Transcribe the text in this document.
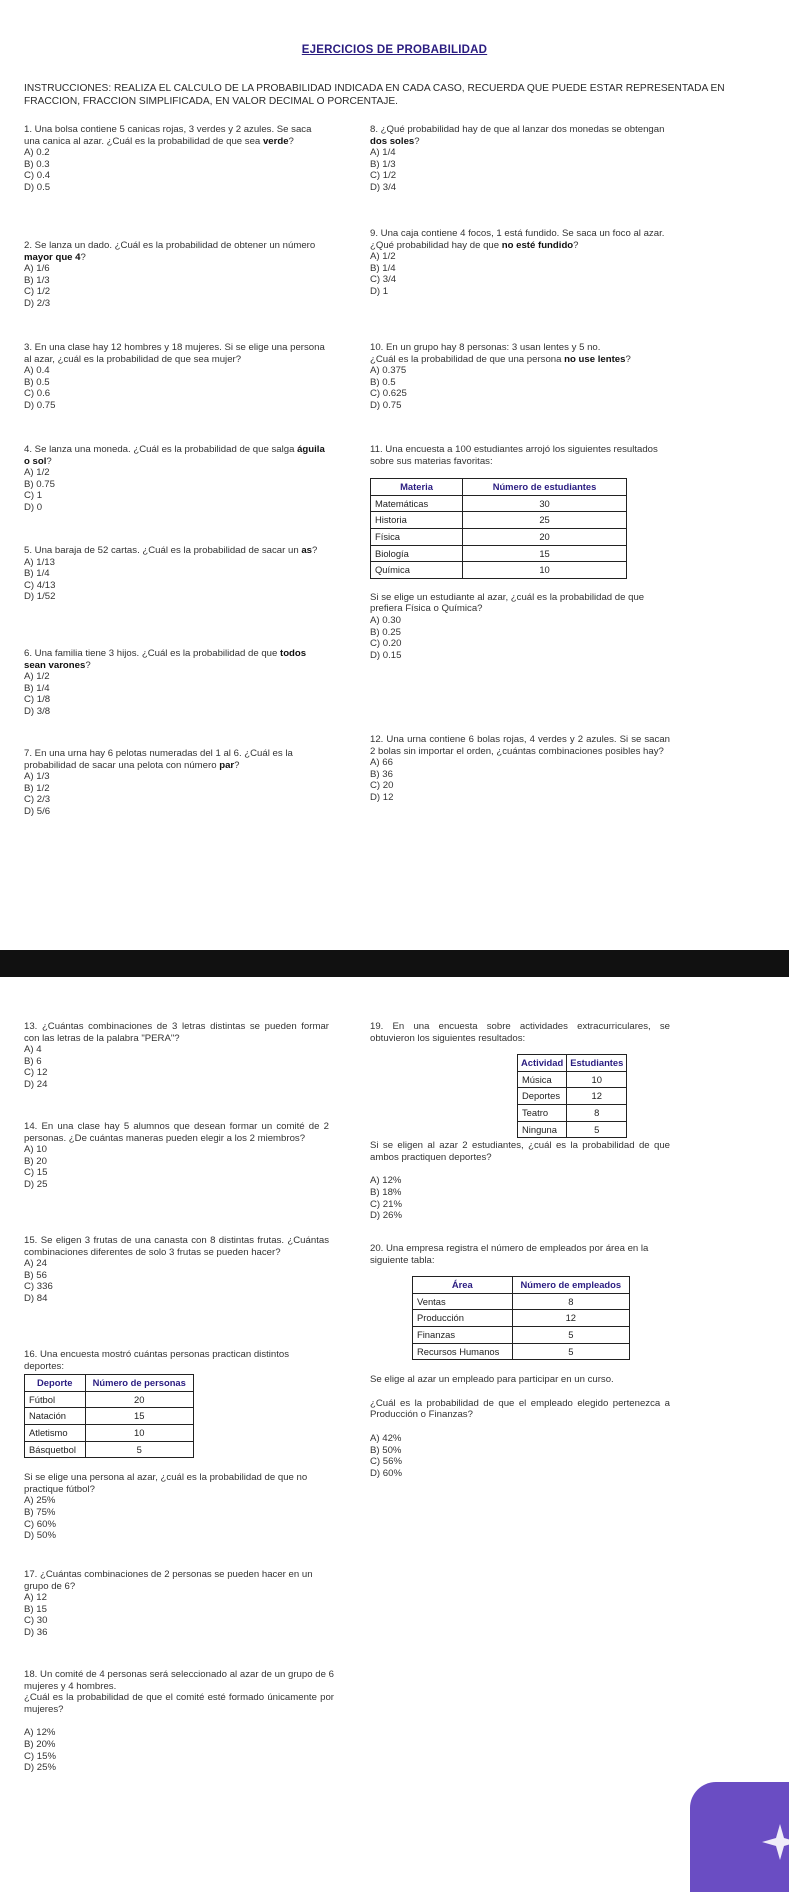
EJERCICIOS DE PROBABILIDAD
INSTRUCCIONES: REALIZA EL CALCULO DE LA PROBABILIDAD INDICADA EN CADA CASO, RECUERDA QUE PUEDE ESTAR REPRESENTADA EN FRACCION, FRACCION SIMPLIFICADA, EN VALOR DECIMAL O PORCENTAJE.

1. Una bolsa contiene 5 canicas rojas, 3 verdes y 2 azules. Se saca una canica al azar. ¿Cuál es la probabilidad de que sea verde?

A) 0.2

B) 0.3

C) 0.4

D) 0.5

2. Se lanza un dado. ¿Cuál es la probabilidad de obtener un número mayor que 4?

A) 1/6

B) 1/3

C) 1/2

D) 2/3

3. En una clase hay 12 hombres y 18 mujeres. Si se elige una persona al azar, ¿cuál es la probabilidad de que sea mujer?

A) 0.4

B) 0.5

C) 0.6

D) 0.75

4. Se lanza una moneda. ¿Cuál es la probabilidad de que salga águila o sol?

A) 1/2

B) 0.75

C) 1

D) 0

5. Una baraja de 52 cartas. ¿Cuál es la probabilidad de sacar un as?

A) 1/13

B) 1/4

C) 4/13

D) 1/52

6. Una familia tiene 3 hijos. ¿Cuál es la probabilidad de que todos sean varones?

A) 1/2

B) 1/4

C) 1/8

D) 3/8

7. En una urna hay 6 pelotas numeradas del 1 al 6. ¿Cuál es la probabilidad de sacar una pelota con número par?

A) 1/3

B) 1/2

C) 2/3

D) 5/6

8. ¿Qué probabilidad hay de que al lanzar dos monedas se obtengan dos soles?

A) 1/4

B) 1/3

C) 1/2

D) 3/4

9. Una caja contiene 4 focos, 1 está fundido. Se saca un foco al azar.

¿Qué probabilidad hay de que no esté fundido?

A) 1/2

B) 1/4

C) 3/4

D) 1

10. En un grupo hay 8 personas: 3 usan lentes y 5 no.

¿Cuál es la probabilidad de que una persona no use lentes?

A) 0.375

B) 0.5

C) 0.625

D) 0.75

11. Una encuesta a 100 estudiantes arrojó los siguientes resultados sobre sus materias favoritas:

Materia	Número de estudiantes
Matemáticas	30
Historia	25
Física	20
Biología	15
Química	10

Si se elige un estudiante al azar, ¿cuál es la probabilidad de que prefiera Física o Química?

A) 0.30

B) 0.25

C) 0.20

D) 0.15

12. Una urna contiene 6 bolas rojas, 4 verdes y 2 azules. Si se sacan 2 bolas sin importar el orden, ¿cuántas combinaciones posibles hay?

A) 66

B) 36

C) 20

D) 12

13. ¿Cuántas combinaciones de 3 letras distintas se pueden formar con las letras de la palabra "PERA"?

A) 4

B) 6

C) 12

D) 24

14. En una clase hay 5 alumnos que desean formar un comité de 2 personas. ¿De cuántas maneras pueden elegir a los 2 miembros?

A) 10

B) 20

C) 15

D) 25

15. Se eligen 3 frutas de una canasta con 8 distintas frutas. ¿Cuántas combinaciones diferentes de solo 3 frutas se pueden hacer?

A) 24

B) 56

C) 336

D) 84

16. Una encuesta mostró cuántas personas practican distintos deportes:

Deporte	Número de personas
Fútbol	20
Natación	15
Atletismo	10
Básquetbol	5

Si se elige una persona al azar, ¿cuál es la probabilidad de que no practique fútbol?

A) 25%

B) 75%

C) 60%

D) 50%

17. ¿Cuántas combinaciones de 2 personas se pueden hacer en un grupo de 6?

A) 12

B) 15

C) 30

D) 36

18. Un comité de 4 personas será seleccionado al azar de un grupo de 6 mujeres y 4 hombres.

¿Cuál es la probabilidad de que el comité esté formado únicamente por mujeres?

A) 12%

B) 20%

C) 15%

D) 25%

19. En una encuesta sobre actividades extracurriculares, se obtuvieron los siguientes resultados:

Actividad	Estudiantes
Música	10
Deportes	12
Teatro	8
Ninguna	5

Si se eligen al azar 2 estudiantes, ¿cuál es la probabilidad de que ambos practiquen deportes?

A) 12%

B) 18%

C) 21%

D) 26%

20. Una empresa registra el número de empleados por área en la siguiente tabla:

Área	Número de empleados
Ventas	8
Producción	12
Finanzas	5
Recursos Humanos	5

Se elige al azar un empleado para participar en un curso.

¿Cuál es la probabilidad de que el empleado elegido pertenezca a Producción o Finanzas?

A) 42%

B) 50%

C) 56%

D) 60%
